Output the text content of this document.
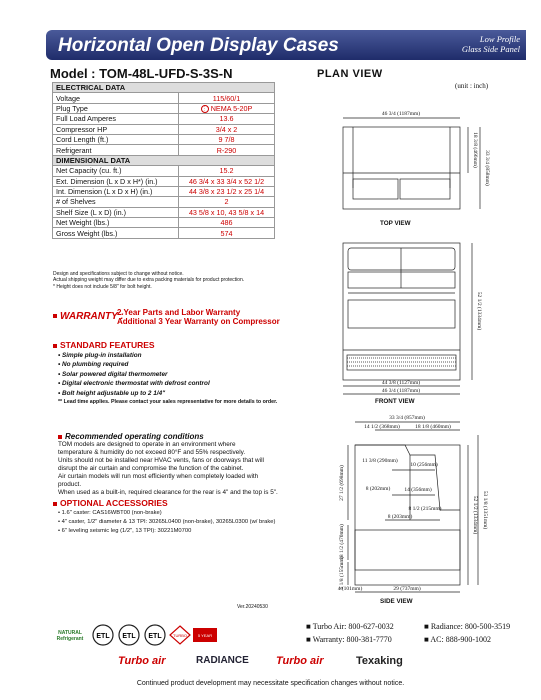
Horizontal Open Display Cases	Low Profile
Glass Side Panel
Model : TOM-48L-UFD-S-3S-N	PLAN VIEW
(unit : inch)
ELECTRICAL DATA	
Voltage	115/60/1
Plug Type	⋮ NEMA 5-20P
Full Load Amperes	13.6
Compressor HP	3/4 x 2
Cord Length (ft.)	9 7/8
Refrigerant	R-290
DIMENSIONAL DATA	
Net Capacity (cu. ft.)	15.2
Ext. Dimension (L x D x H*) (in.)	46 3/4 x 33 3/4 x 52 1/2
Int. Dimension (L x D x H) (in.)	44 3/8 x 23 1/2 x 25 1/4
# of Shelves	2
Shelf Size (L x D) (in.)	43 5/8 x 10, 43 5/8 x 14
Net Weight (lbs.)	486
Gross Weight (lbs.)	574
Design and specifications subject to change without notice.
Actual shipping weight may differ due to extra packing materials for product protection.
* Height does not include 5/8" for bolt height.
WARRANTY :
2 Year Parts and Labor Warranty
Additional 3 Year Warranty on Compressor
STANDARD FEATURES
• Simple plug-in installation
• No plumbing required
• Solar powered digital thermometer
• Digital electronic thermostat with defrost control
• Bolt height adjustable up to 2 1/4"
** Lead time applies. Please contact your sales representative for more details to order.
Recommended operating conditions
TOM models are designed to operate in an environment where
temperature & humidity do not exceed 80°F and 55% respectively.
Units should not be installed near HVAC vents, fans or doorways that will
disrupt the air curtain and compromise the function of the cabinet.
Air curtain models will run most efficiently when completely loaded with product.
When used as a built-in, required clearance for the rear is 4" and the top is 5".
OPTIONAL ACCESSORIES
• 1.6" caster: CAS16WBT00 (non-brake)
• 4" caster, 1/2" diameter & 13 TPI: 30265L0400 (non-brake), 30265L0300 (w/ brake)
• 6" leveling seismic leg (1/2", 13 TPI): 30221M0700
Ver.20240530
NATURAL Refrigerant	ETL ETL ETL	TURBO	5 YEAR
■ Turbo Air: 800-627-0032
■ Warranty: 800-381-7770
■ Radiance: 800-500-3519
■ AC: 888-900-1002
Turbo air	RADIANCE Turbo air	Texaking
Continued product development may necessitate specification changes without notice.
46 3/4 (1187mm)
18 3/8 (466mm)
33 3/4 (858mm)
52 1/2 (1334mm)
44 3/8 (1127mm)
46 3/4 (1187mm)
33 3/4 (857mm)
14 1/2 (368mm)	18 1/8 (460mm)
10 (256mm)
14 (356mm)
11 3/8 (290mm)
8 (202mm)
8 1/2 (215mm)
8 (203mm)	52 1/2 (1334mm) 53 1/8 (1351mm)
27 1/2 (698mm)
18 1/2 (470mm)
6 1/8 (155mm)	29 (737mm)
4 (101mm)
TOP VIEW
FRONT VIEW
SIDE VIEW
